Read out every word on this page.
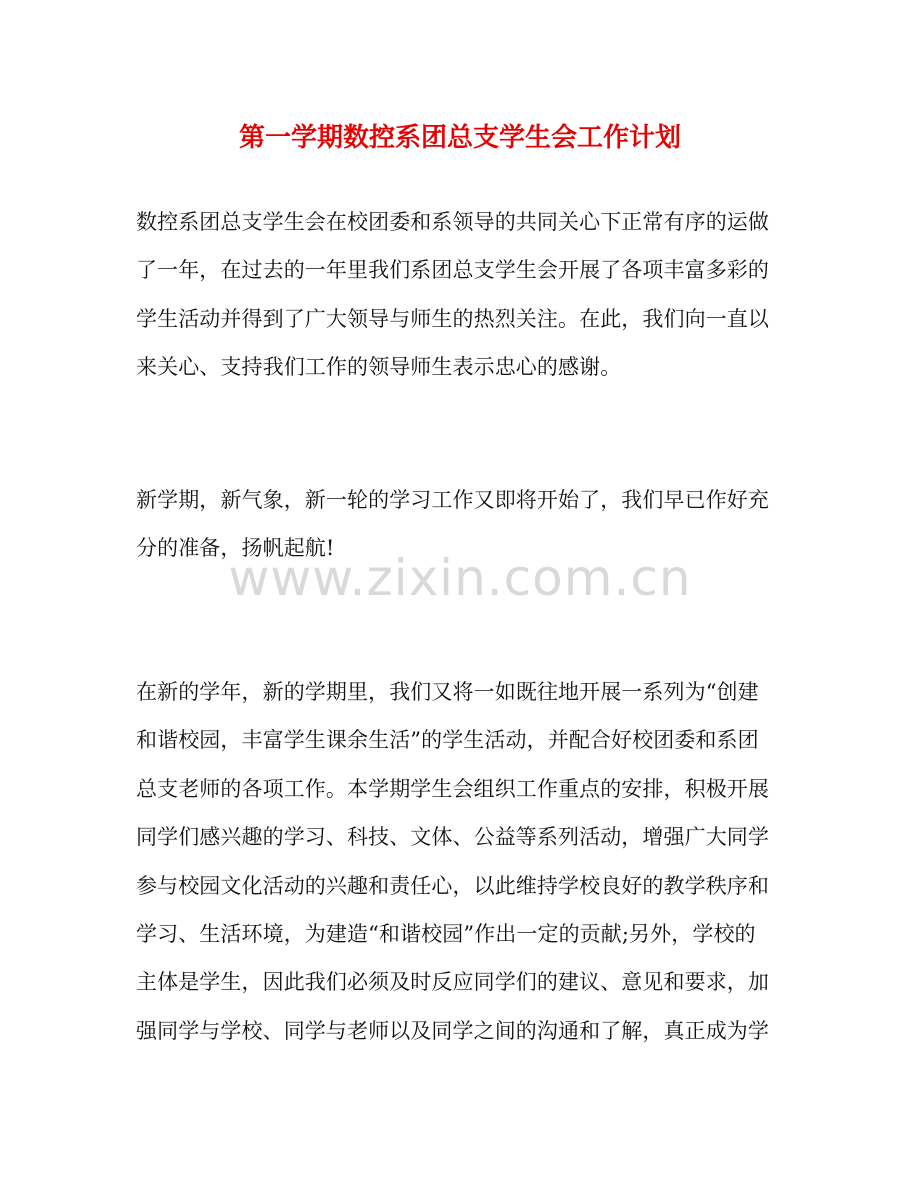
第一学期数控系团总支学生会工作计划

数控系团总支学生会在校团委和系领导的共同关心下正常有序的运做
了一年，在过去的一年里我们系团总支学生会开展了各项丰富多彩的
学生活动并得到了广大领导与师生的热烈关注。在此，我们向一直以
来关心、支持我们工作的领导师生表示忠心的感谢。

新学期，新气象，新一轮的学习工作又即将开始了，我们早已作好充
分的准备，扬帆起航!

www.zixin.com.cn

在新的学年，新的学期里，我们又将一如既往地开展一系列为“创建
和谐校园，丰富学生课余生活”的学生活动，并配合好校团委和系团
总支老师的各项工作。本学期学生会组织工作重点的安排，积极开展
同学们感兴趣的学习、科技、文体、公益等系列活动，增强广大同学
参与校园文化活动的兴趣和责任心，以此维持学校良好的教学秩序和
学习、生活环境，为建造“和谐校园”作出一定的贡献;另外，学校的
主体是学生，因此我们必须及时反应同学们的建议、意见和要求，加
强同学与学校、同学与老师以及同学之间的沟通和了解，真正成为学
